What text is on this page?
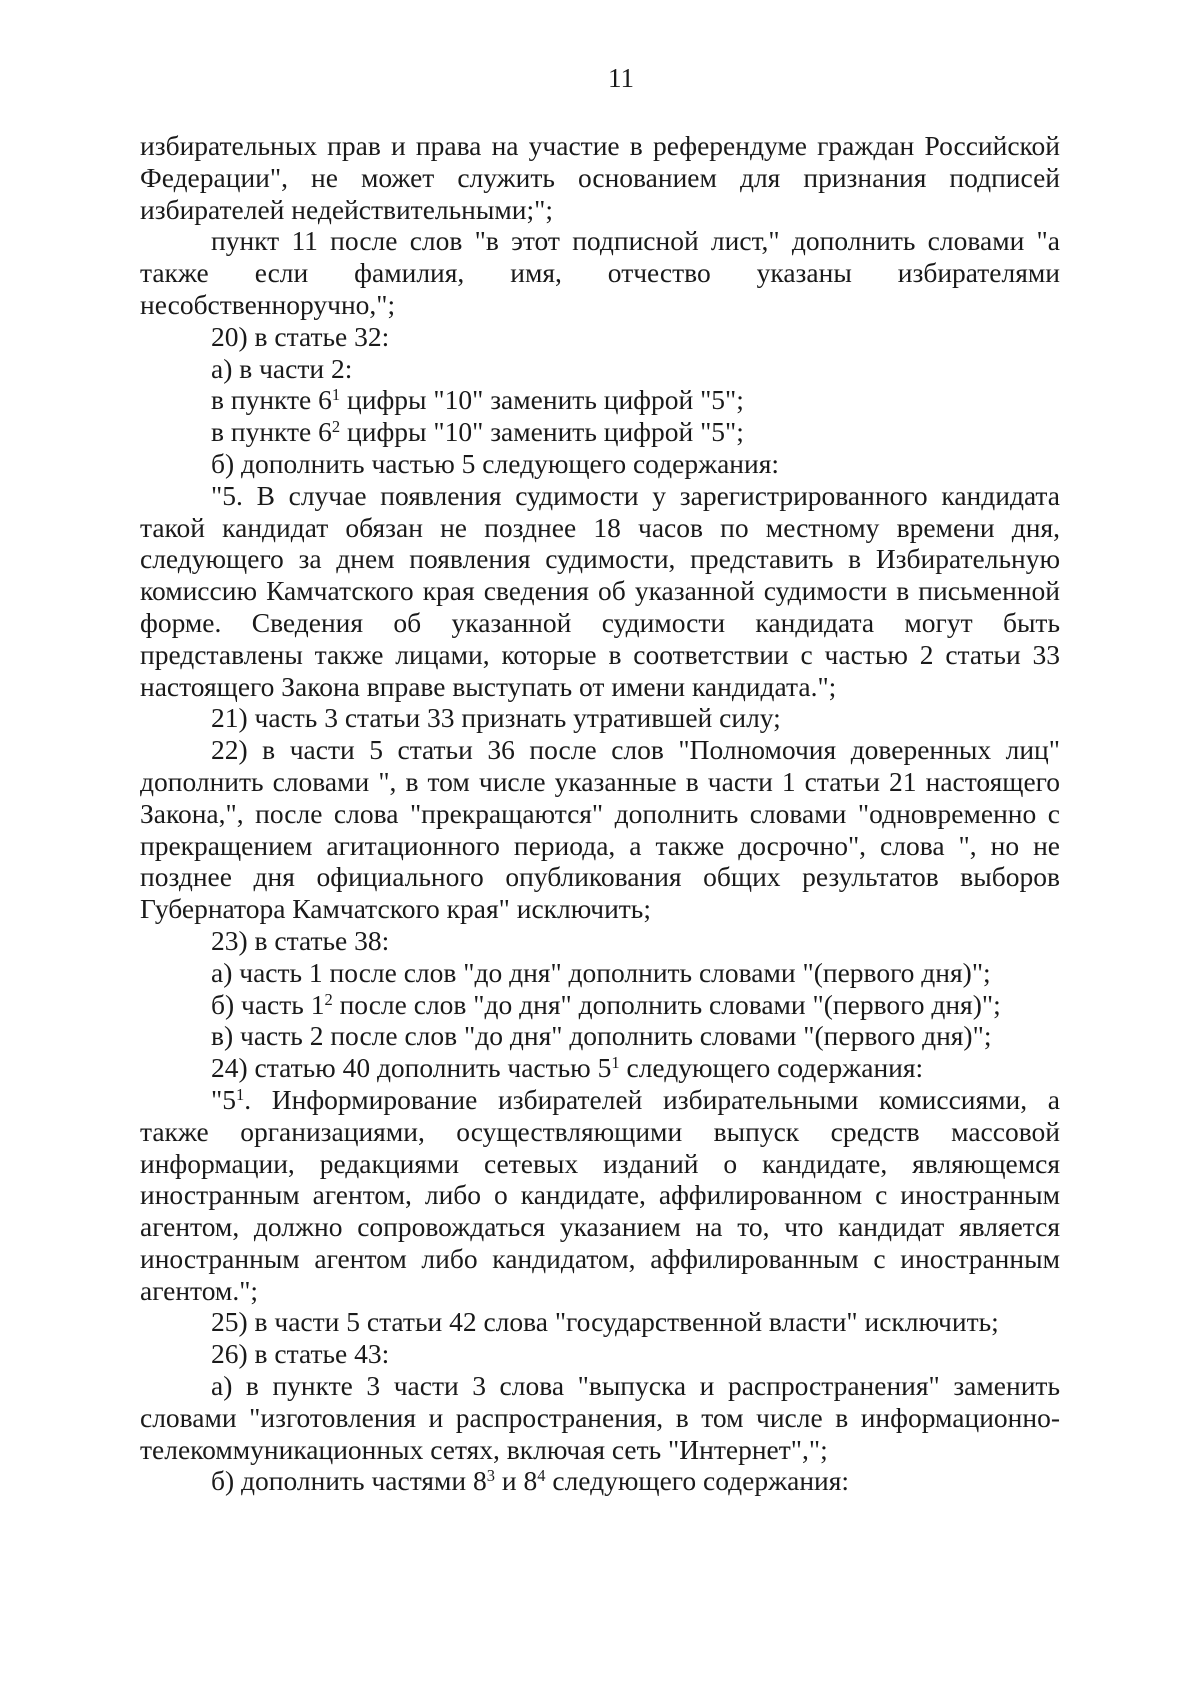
11

избирательных прав и права на участие в референдуме граждан Российской Федерации", не может служить основанием для признания подписей избирателей недействительными;";

пункт 11 после слов "в этот подписной лист," дополнить словами "а также если фамилия, имя, отчество указаны избирателями несобственноручно,";

20) в статье 32:

а) в части 2:

в пункте $6^1$ цифры "10" заменить цифрой "5";

в пункте $6^2$ цифры "10" заменить цифрой "5";

б) дополнить частью 5 следующего содержания:

"5. В случае появления судимости у зарегистрированного кандидата такой кандидат обязан не позднее 18 часов по местному времени дня, следующего за днем появления судимости, представить в Избирательную комиссию Камчатского края сведения об указанной судимости в письменной форме. Сведения об указанной судимости кандидата могут быть представлены также лицами, которые в соответствии с частью 2 статьи 33 настоящего Закона вправе выступать от имени кандидата.";

21) часть 3 статьи 33 признать утратившей силу;

22) в части 5 статьи 36 после слов "Полномочия доверенных лиц" дополнить словами ", в том числе указанные в части 1 статьи 21 настоящего Закона,", после слова "прекращаются" дополнить словами "одновременно с прекращением агитационного периода, а также досрочно", слова ", но не позднее дня официального опубликования общих результатов выборов Губернатора Камчатского края" исключить;

23) в статье 38:

а) часть 1 после слов "до дня" дополнить словами "(первого дня)";

б) часть $1^2$ после слов "до дня" дополнить словами "(первого дня)";

в) часть 2 после слов "до дня" дополнить словами "(первого дня)";

24) статью 40 дополнить частью $5^1$ следующего содержания:

"$5^1$. Информирование избирателей избирательными комиссиями, а также организациями, осуществляющими выпуск средств массовой информации, редакциями сетевых изданий о кандидате, являющемся иностранным агентом, либо о кандидате, аффилированном с иностранным агентом, должно сопровождаться указанием на то, что кандидат является иностранным агентом либо кандидатом, аффилированным с иностранным агентом.";

25) в части 5 статьи 42 слова "государственной власти" исключить;

26) в статье 43:

а) в пункте 3 части 3 слова "выпуска и распространения" заменить словами "изготовления и распространения, в том числе в информационно-телекоммуникационных сетях, включая сеть "Интернет",";

б) дополнить частями $8^3$ и $8^4$ следующего содержания:
